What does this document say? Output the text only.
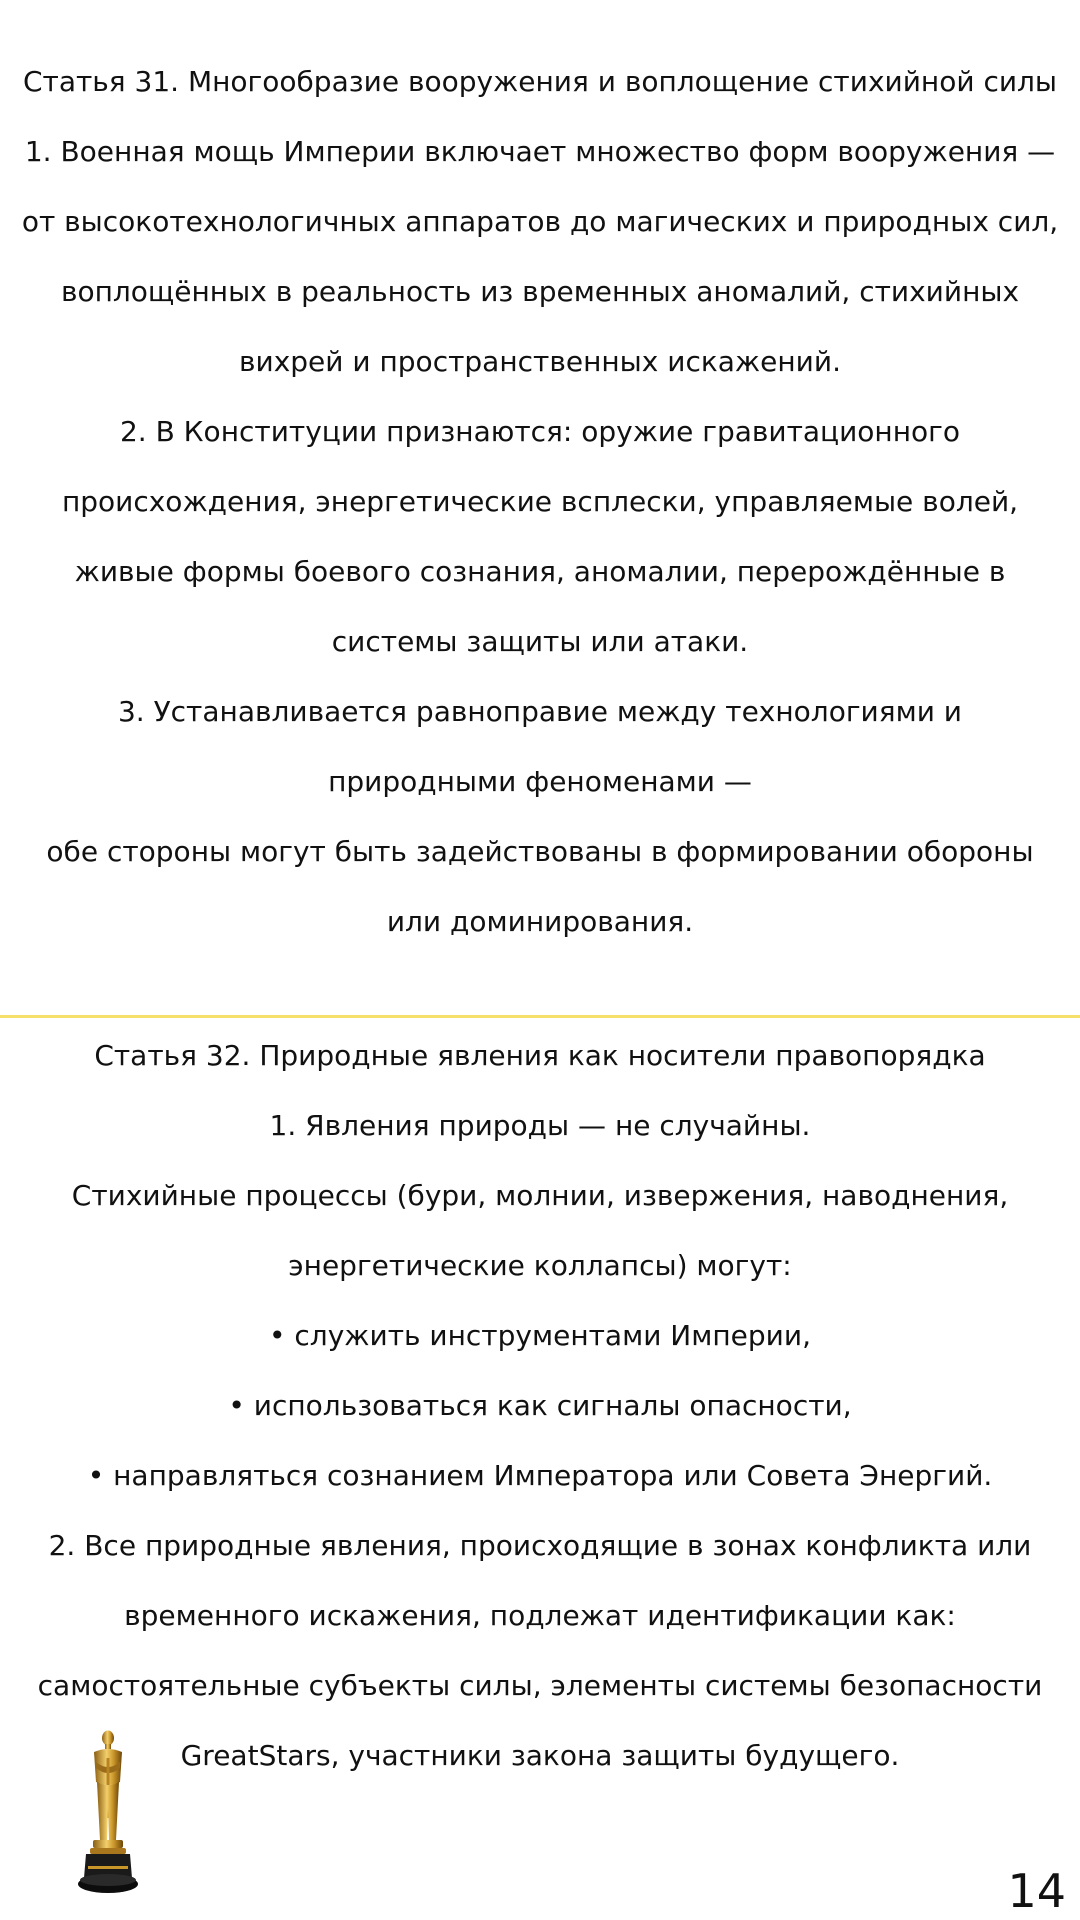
Статья 31. Многообразие вооружения и воплощение стихийной силы

1. Военная мощь Империи включает множество форм вооружения — от высокотехнологичных аппаратов до магических и природных сил, воплощённых в реальность из временных аномалий, стихийных вихрей и пространственных искажений.

2. В Конституции признаются: оружие гравитационного происхождения, энергетические всплески, управляемые волей, живые формы боевого сознания, аномалии, перерождённые в системы защиты или атаки.

3. Устанавливается равноправие между технологиями и природными феноменами —

обе стороны могут быть задействованы в формировании обороны или доминирования.

Статья 32. Природные явления как носители правопорядка

1. Явления природы — не случайны.

Стихийные процессы (бури, молнии, извержения, наводнения, энергетические коллапсы) могут:

• служить инструментами Империи,

• использоваться как сигналы опасности,

• направляться сознанием Императора или Совета Энергий.

2. Все природные явления, происходящие в зонах конфликта или временного искажения, подлежат идентификации как: самостоятельные субъекты силы, элементы системы безопасности GreatStars, участники закона защиты будущего.

14
